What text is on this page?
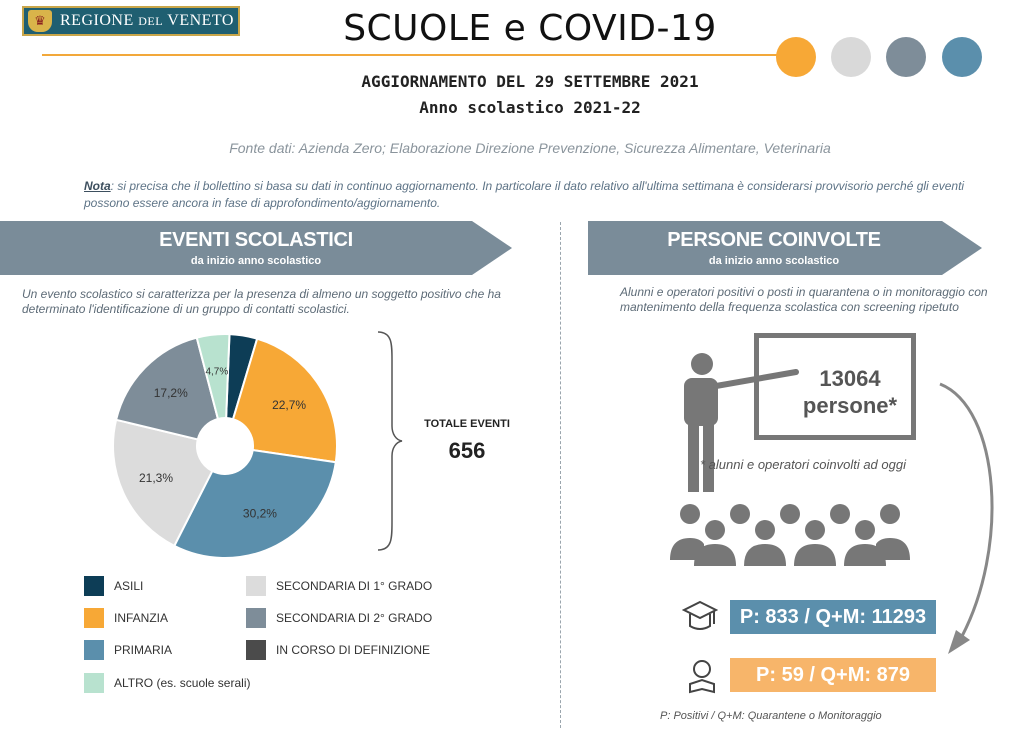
♛ REGIONE DEL VENETO	SCUOLE e COVID-19
AGGIORNAMENTO DEL 29 SETTEMBRE 2021
Anno scolastico 2021-22
Fonte dati: Azienda Zero; Elaborazione Direzione Prevenzione, Sicurezza Alimentare, Veterinaria
Nota: si precisa che il bollettino si basa su dati in continuo aggiornamento. In particolare il dato relativo all'ultima settimana è considerarsi provvisorio perché gli eventi possono essere ancora in fase di approfondimento/aggiornamento.
EVENTI SCOLASTICI
da inizio anno scolastico
PERSONE COINVOLTE
da inizio anno scolastico
Un evento scolastico si caratterizza per la presenza di almeno un soggetto positivo che ha determinato l'identificazione di un gruppo di contatti scolastici.
Alunni e operatori positivi o posti in quarantena o in monitoraggio con mantenimento della frequenza scolastica con screening ripetuto
22,7%
30,2%
21,3%
17,2%
4,7%
TOTALE EVENTI
656
ASILI
INFANZIA
PRIMARIA
ALTRO (es. scuole serali)
SECONDARIA DI 1° GRADO
SECONDARIA DI 2° GRADO
IN CORSO DI DEFINIZIONE
13064
persone*
* alunni e operatori coinvolti ad oggi
P: 833 / Q+M: 11293
P: 59 / Q+M: 879
P: Positivi / Q+M: Quarantene o Monitoraggio
